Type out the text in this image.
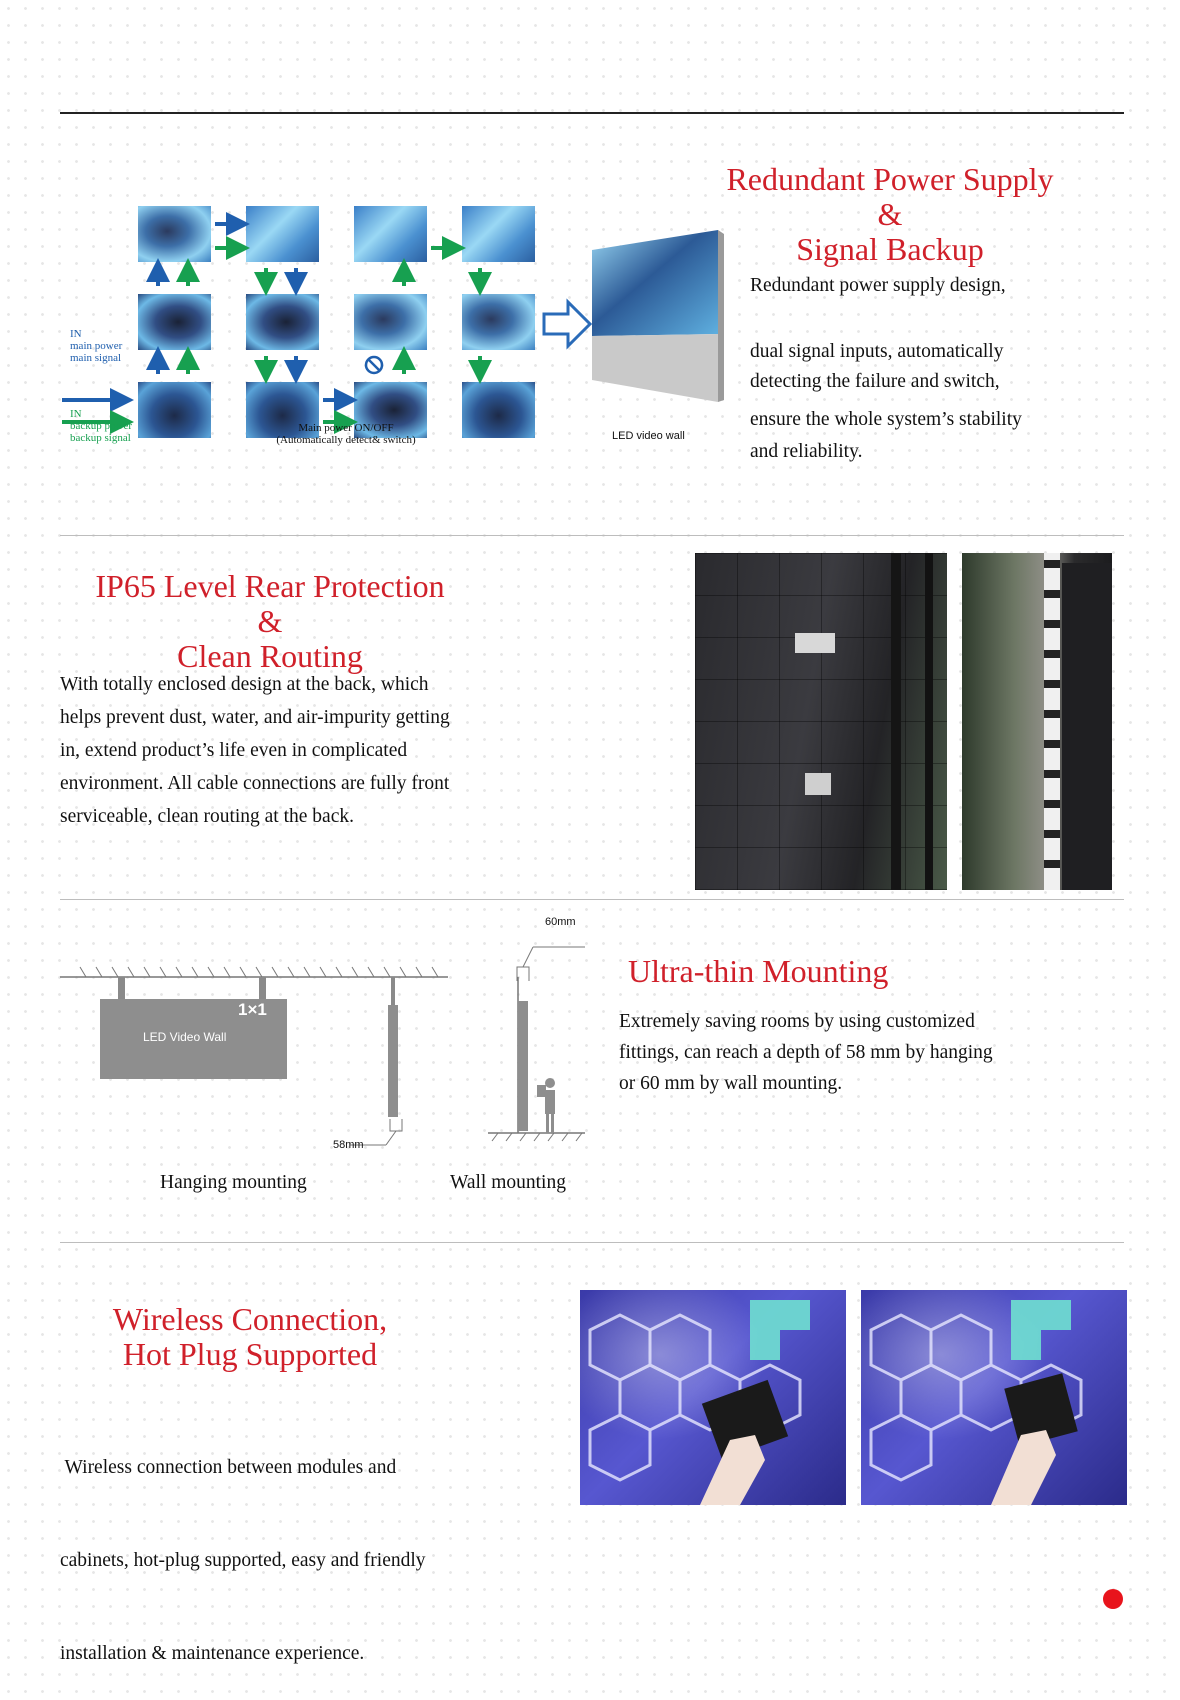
IN
main power
main signal
IN
backup power
backup signal
Main power ON/OFF
(Automatically detect& switch)	LED video wall
Redundant Power Supply
&
Signal Backup
Redundant power supply design,
dual signal inputs, automatically
detecting the failure and switch,
ensure the whole system’s stability
and reliability.
IP65 Level Rear Protection
&
Clean Routing
With totally enclosed design at the back, which
helps prevent dust, water, and air-impurity getting
in, extend product’s life even in complicated
environment. All cable connections are fully front
serviceable, clean routing at the back.
1×1
LED Video Wall
58mm
60mm
Hanging mounting	Wall mounting
Ultra-thin Mounting
Extremely saving rooms by using customized
fittings, can reach a depth of 58 mm by hanging
or 60 mm by wall mounting.
Wireless Connection,
Hot Plug Supported

Wireless connection between modules and

cabinets, hot-plug supported, easy and friendly

installation & maintenance experience.
